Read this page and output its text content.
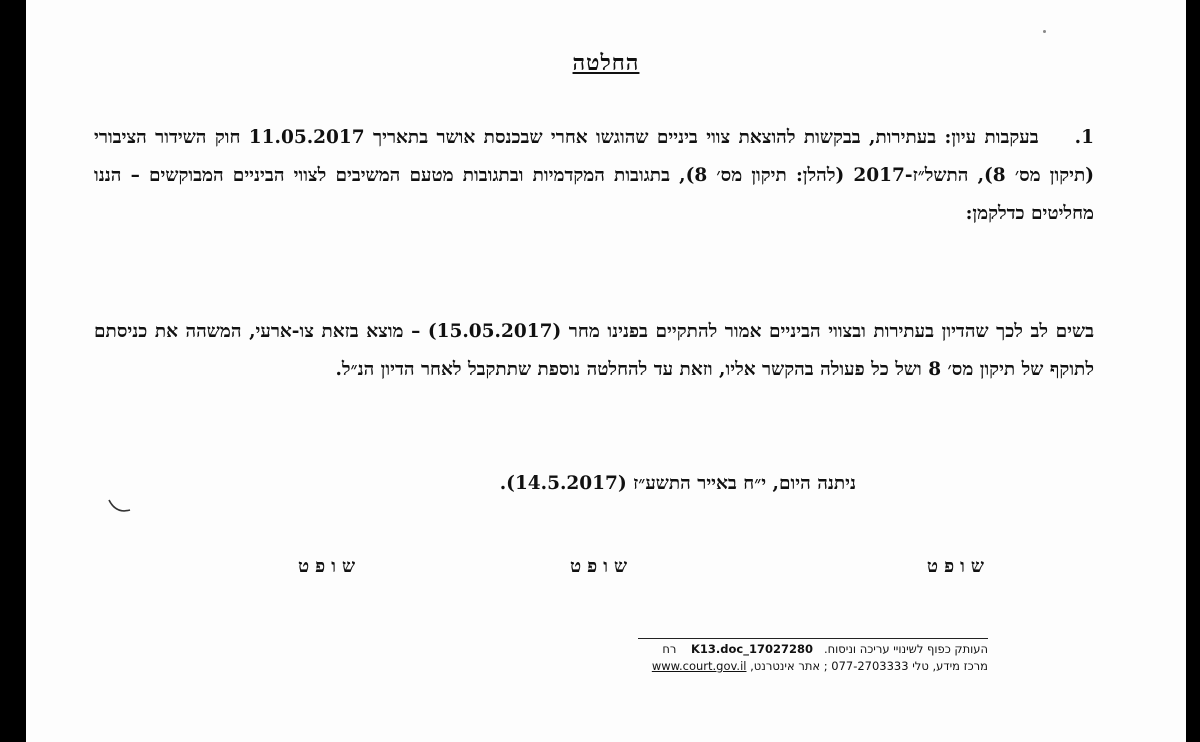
החלטה
1.בעקבות עיון: בעתירות, בבקשות להוצאת צווי ביניים שהוגשו אחרי שבכנסת אושר בתאריך 11.05.2017 חוק השידור הציבורי (תיקון מס׳ 8), התשל״ז-2017 (להלן: תיקון מס׳ 8), בתגובות המקדמיות ובתגובות מטעם המשיבים לצווי הביניים המבוקשים – הננו מחליטים כדלקמן:
בשים לב לכך שהדיון בעתירות ובצווי הביניים אמור להתקיים בפנינו מחר (15.05.2017) – מוצא בזאת צו-ארעי, המשהה את כניסתם לתוקף של תיקון מס׳ 8 ושל כל פעולה בהקשר אליו, וזאת עד להחלטה נוספת שתתקבל לאחר הדיון הנ״ל.
ניתנה היום, י״ח באייר התשע״ז (14.5.2017).
שופט
שופט
שופט
העותק כפוף לשינויי עריכה וניסוח.   17027280_K13.doc    רח
מרכז מידע, טלי 077-2703333 ; אתר אינטרנט, www.court.gov.il
